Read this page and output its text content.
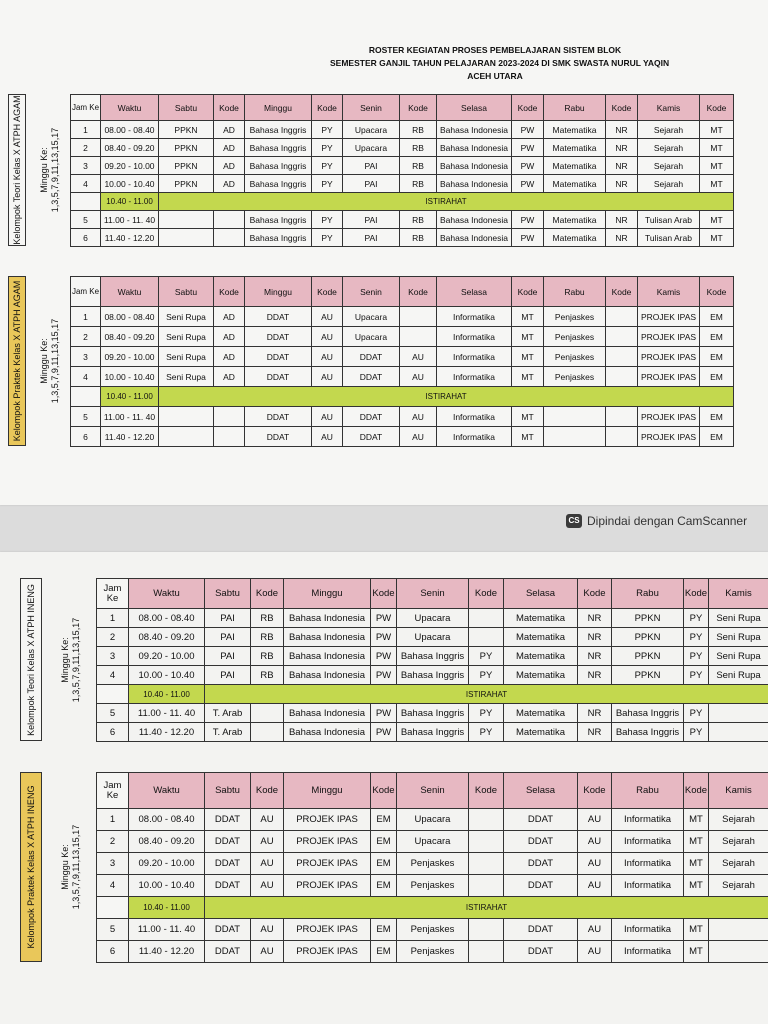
ROSTER KEGIATAN PROSES PEMBELAJARAN SISTEM BLOK
SEMESTER GANJIL TAHUN PELAJARAN 2023-2024 DI SMK SWASTA NURUL YAQIN
ACEH UTARA
CS Dipindai dengan CamScanner
Kelompok Teori Kelas X ATPH AGAM Minggu Ke: 1,3,5,7,9,11,13,15,17
Jam Ke	Waktu	Sabtu	Kode	Minggu	Kode	Senin	Kode	Selasa	Kode	Rabu	Kode	Kamis	Kode
1	08.00 - 08.40	PPKN	AD	Bahasa Inggris	PY	Upacara	RB	Bahasa Indonesia	PW	Matematika	NR	Sejarah	MT
2	08.40 - 09.20	PPKN	AD	Bahasa Inggris	PY	Upacara	RB	Bahasa Indonesia	PW	Matematika	NR	Sejarah	MT
3	09.20 - 10.00	PPKN	AD	Bahasa Inggris	PY	PAI	RB	Bahasa Indonesia	PW	Matematika	NR	Sejarah	MT
4	10.00 - 10.40	PPKN	AD	Bahasa Inggris	PY	PAI	RB	Bahasa Indonesia	PW	Matematika	NR	Sejarah	MT
	10.40 - 11.00	ISTIRAHAT											
5	11.00 - 11. 40			Bahasa Inggris	PY	PAI	RB	Bahasa Indonesia	PW	Matematika	NR	Tulisan Arab	MT
6	11.40 - 12.20			Bahasa Inggris	PY	PAI	RB	Bahasa Indonesia	PW	Matematika	NR	Tulisan Arab	MT
Kelompok Praktek Kelas X ATPH AGAM Minggu Ke: 1,3,5,7,9,11,13,15,17
Jam Ke	Waktu	Sabtu	Kode	Minggu	Kode	Senin	Kode	Selasa	Kode	Rabu	Kode	Kamis	Kode
1	08.00 - 08.40	Seni Rupa	AD	DDAT	AU	Upacara		Informatika	MT	Penjaskes		PROJEK IPAS	EM
2	08.40 - 09.20	Seni Rupa	AD	DDAT	AU	Upacara		Informatika	MT	Penjaskes		PROJEK IPAS	EM
3	09.20 - 10.00	Seni Rupa	AD	DDAT	AU	DDAT	AU	Informatika	MT	Penjaskes		PROJEK IPAS	EM
4	10.00 - 10.40	Seni Rupa	AD	DDAT	AU	DDAT	AU	Informatika	MT	Penjaskes		PROJEK IPAS	EM
	10.40 - 11.00	ISTIRAHAT											
5	11.00 - 11. 40			DDAT	AU	DDAT	AU	Informatika	MT			PROJEK IPAS	EM
6	11.40 - 12.20			DDAT	AU	DDAT	AU	Informatika	MT			PROJEK IPAS	EM
Kelompok Teori Kelas X ATPH INENG	Minggu Ke: 1,3,5,7,9,11,13,15,17
Jam Ke	Waktu	Sabtu	Kode	Minggu	Kode	Senin	Kode	Selasa	Kode	Rabu	Kode	Kamis
1	08.00 - 08.40	PAI	RB	Bahasa Indonesia	PW	Upacara		Matematika	NR	PPKN	PY	Seni Rupa
2	08.40 - 09.20	PAI	RB	Bahasa Indonesia	PW	Upacara		Matematika	NR	PPKN	PY	Seni Rupa
3	09.20 - 10.00	PAI	RB	Bahasa Indonesia	PW	Bahasa Inggris	PY	Matematika	NR	PPKN	PY	Seni Rupa
4	10.00 - 10.40	PAI	RB	Bahasa Indonesia	PW	Bahasa Inggris	PY	Matematika	NR	PPKN	PY	Seni Rupa
	10.40 - 11.00	ISTIRAHAT										
5	11.00 - 11. 40	T. Arab		Bahasa Indonesia	PW	Bahasa Inggris	PY	Matematika	NR	Bahasa Inggris	PY	
6	11.40 - 12.20	T. Arab		Bahasa Indonesia	PW	Bahasa Inggris	PY	Matematika	NR	Bahasa Inggris	PY	
Kelompok Praktek Kelas X ATPH INENG	Minggu Ke: 1,3,5,7,9,11,13,15,17
Jam Ke	Waktu	Sabtu	Kode	Minggu	Kode	Senin	Kode	Selasa	Kode	Rabu	Kode	Kamis
1	08.00 - 08.40	DDAT	AU	PROJEK IPAS	EM	Upacara		DDAT	AU	Informatika	MT	Sejarah
2	08.40 - 09.20	DDAT	AU	PROJEK IPAS	EM	Upacara		DDAT	AU	Informatika	MT	Sejarah
3	09.20 - 10.00	DDAT	AU	PROJEK IPAS	EM	Penjaskes		DDAT	AU	Informatika	MT	Sejarah
4	10.00 - 10.40	DDAT	AU	PROJEK IPAS	EM	Penjaskes		DDAT	AU	Informatika	MT	Sejarah
	10.40 - 11.00	ISTIRAHAT										
5	11.00 - 11. 40	DDAT	AU	PROJEK IPAS	EM	Penjaskes		DDAT	AU	Informatika	MT	
6	11.40 - 12.20	DDAT	AU	PROJEK IPAS	EM	Penjaskes		DDAT	AU	Informatika	MT	
